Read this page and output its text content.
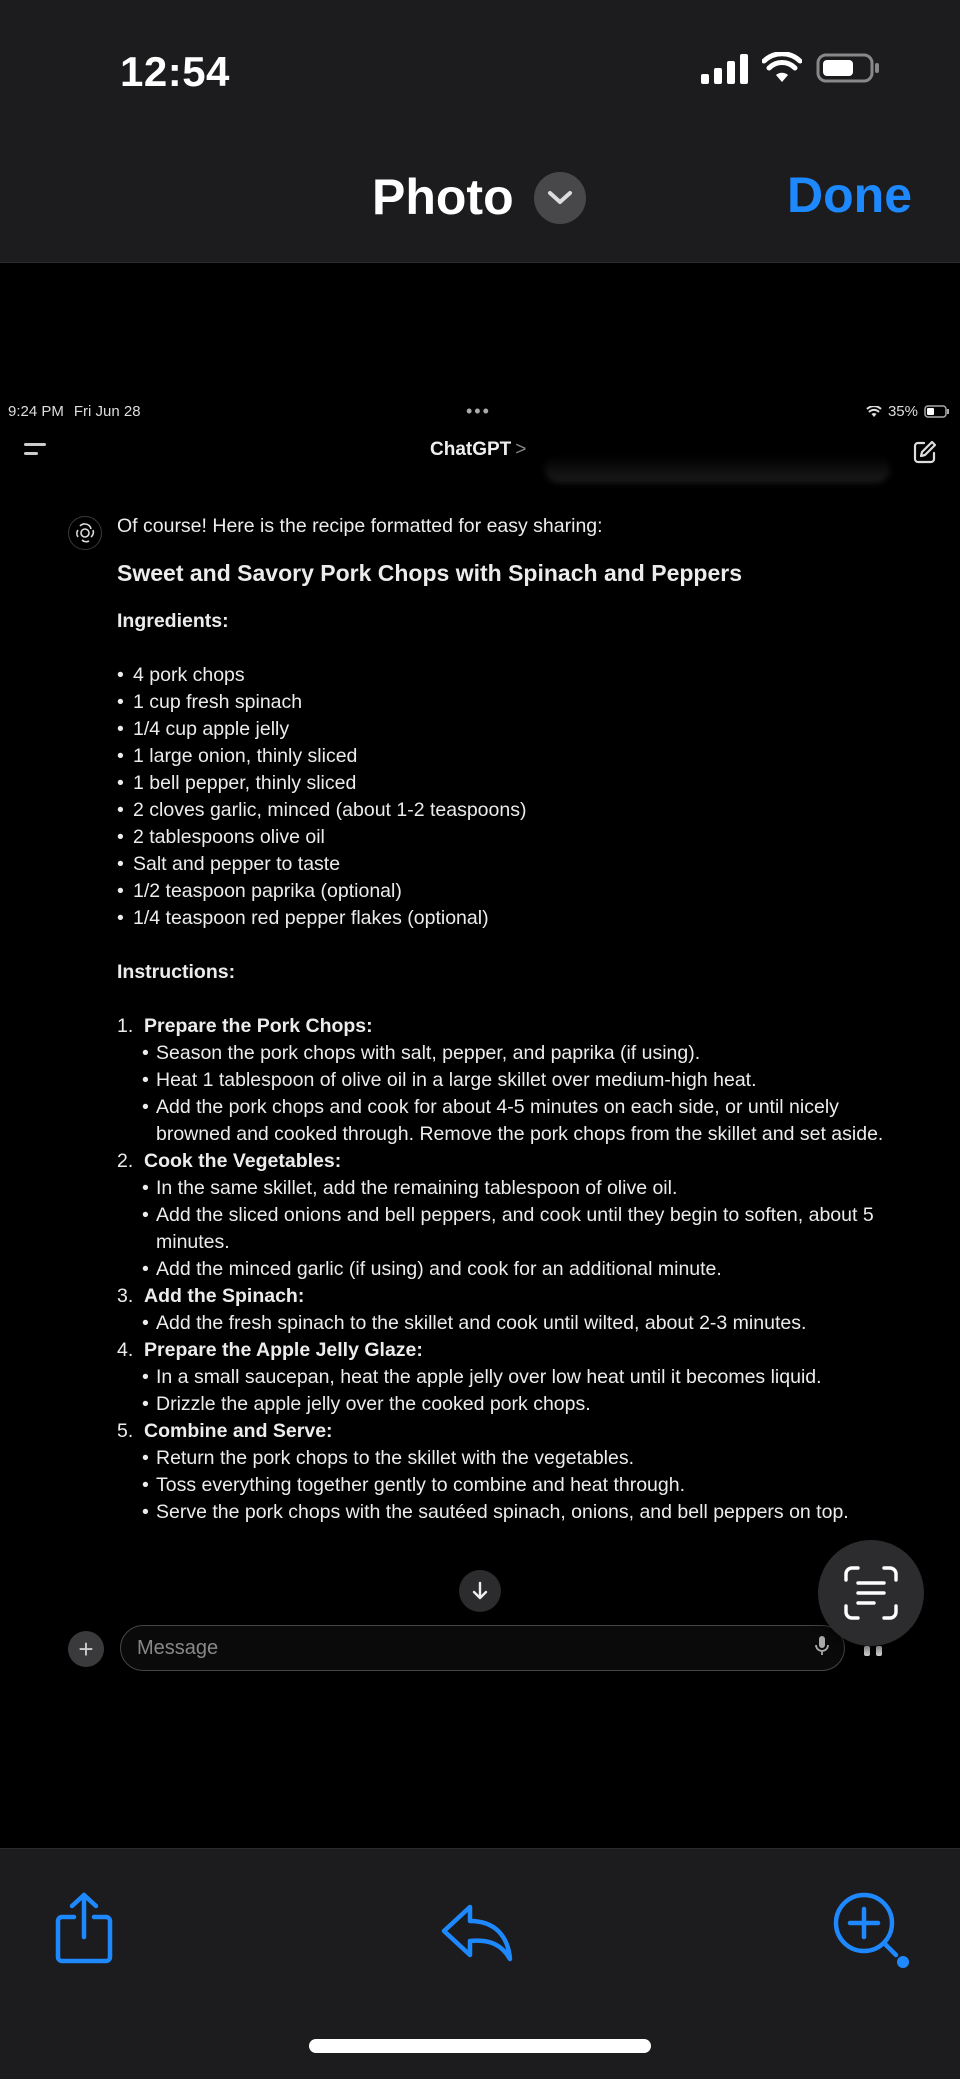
12:54
Photo	Done
9:24 PM Fri Jun 28	•••	35%
ChatGPT >

Of course! Here is the recipe formatted for easy sharing:

Sweet and Savory Pork Chops with Spinach and Peppers
Ingredients:
• 4 pork chops
• 1 cup fresh spinach
• 1/4 cup apple jelly
• 1 large onion, thinly sliced
• 1 bell pepper, thinly sliced
• 2 cloves garlic, minced (about 1-2 teaspoons)
• 2 tablespoons olive oil
• Salt and pepper to taste
• 1/2 teaspoon paprika (optional)
• 1/4 teaspoon red pepper flakes (optional)
Instructions:
1. Prepare the Pork Chops:
• Season the pork chops with salt, pepper, and paprika (if using).
• Heat 1 tablespoon of olive oil in a large skillet over medium-high heat.
• Add the pork chops and cook for about 4-5 minutes on each side, or until nicely browned and cooked through. Remove the pork chops from the skillet and set aside.
2. Cook the Vegetables:
• In the same skillet, add the remaining tablespoon of olive oil.
• Add the sliced onions and bell peppers, and cook until they begin to soften, about 5 minutes.
• Add the minced garlic (if using) and cook for an additional minute.
3. Add the Spinach:
• Add the fresh spinach to the skillet and cook until wilted, about 2-3 minutes.
4. Prepare the Apple Jelly Glaze:
• In a small saucepan, heat the apple jelly over low heat until it becomes liquid.
• Drizzle the apple jelly over the cooked pork chops.
5. Combine and Serve:
• Return the pork chops to the skillet with the vegetables.
• Toss everything together gently to combine and heat through.
• Serve the pork chops with the sautéed spinach, onions, and bell peppers on top.
+	Message
